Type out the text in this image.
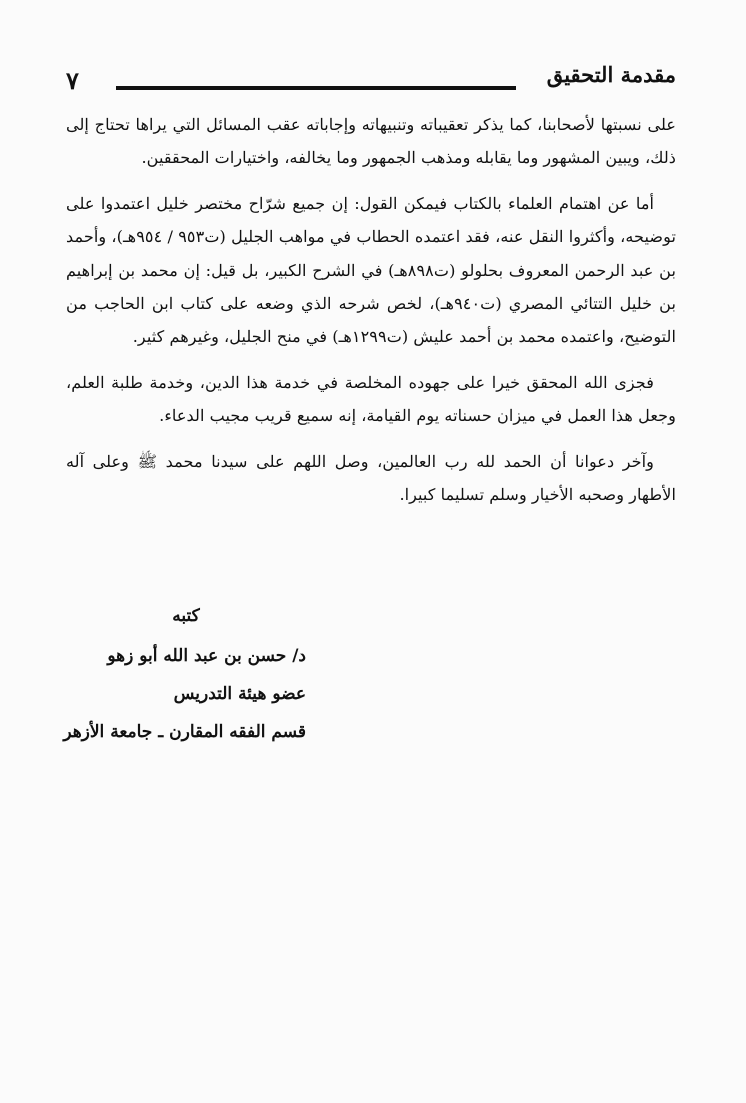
٧	مقدمة التحقيق

على نسبتها لأصحابنا، كما يذكر تعقيباته وتنبيهاته وإجاباته عقب المسائل التي يراها تحتاج إلى ذلك، ويبين المشهور وما يقابله ومذهب الجمهور وما يخالفه، واختيارات المحققين.

أما عن اهتمام العلماء بالكتاب فيمكن القول: إن جميع شرّاح مختصر خليل اعتمدوا على توضيحه، وأكثروا النقل عنه، فقد اعتمده الحطاب في مواهب الجليل (ت٩٥٣ / ٩٥٤هـ)، وأحمد بن عبد الرحمن المعروف بحلولو (ت٨٩٨هـ) في الشرح الكبير، بل قيل: إن محمد بن إبراهيم بن خليل التتائي المصري (ت٩٤٠هـ)، لخص شرحه الذي وضعه على كتاب ابن الحاجب من التوضيح، واعتمده محمد بن أحمد عليش (ت١٢٩٩هـ) في منح الجليل، وغيرهم كثير.

فجزى الله المحقق خيرا على جهوده المخلصة في خدمة هذا الدين، وخدمة طلبة العلم، وجعل هذا العمل في ميزان حسناته يوم القيامة، إنه سميع قريب مجيب الدعاء.

وآخر دعوانا أن الحمد لله رب العالمين، وصل اللهم على سيدنا محمد ﷺ وعلى آله الأطهار وصحبه الأخيار وسلم تسليما كبيرا.

كتبه
د/ حسن بن عبد الله أبو زهو
عضو هيئة التدريس
قسم الفقه المقارن ـ جامعة الأزهر
